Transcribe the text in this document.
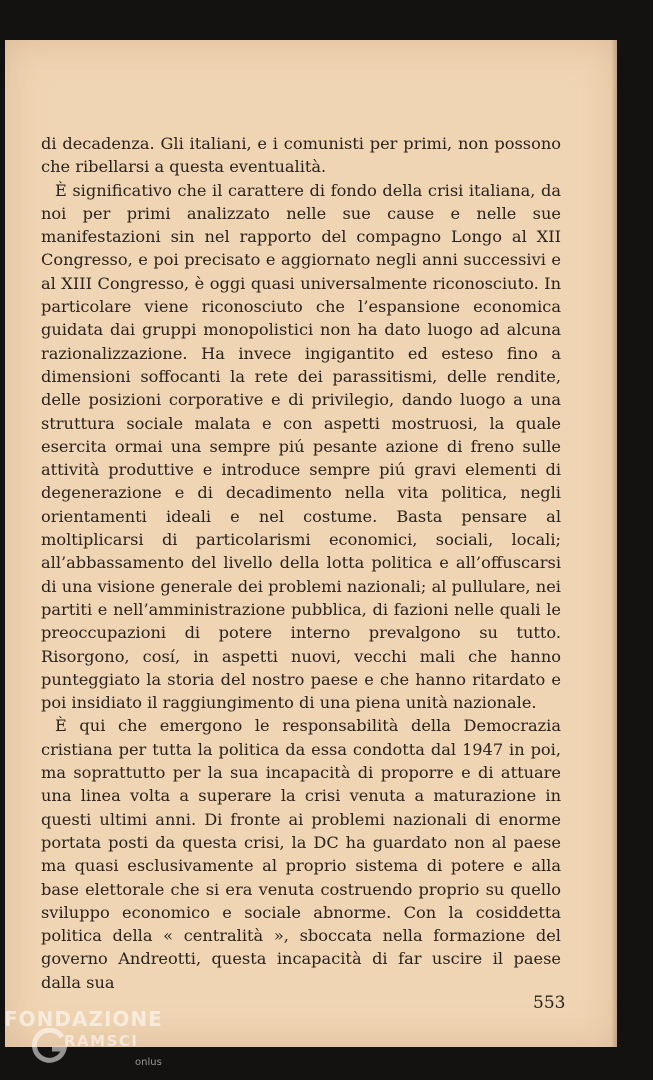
di decadenza. Gli italiani, e i comunisti per primi, non possono che ribellarsi a questa eventualità.

È significativo che il carattere di fondo della crisi italiana, da noi per primi analizzato nelle sue cause e nelle sue manifestazioni sin nel rapporto del compagno Longo al XII Congresso, e poi precisato e aggiornato negli anni successivi e al XIII Congresso, è oggi quasi universalmente riconosciuto. In particolare viene riconosciuto che l’espansione economica guidata dai gruppi monopolistici non ha dato luogo ad alcuna razionalizzazione. Ha invece ingigantito ed esteso fino a dimensioni soffocanti la rete dei parassitismi, delle rendite, delle posizioni corporative e di privilegio, dando luogo a una struttura sociale malata e con aspetti mostruosi, la quale esercita ormai una sempre piú pesante azione di freno sulle attività produttive e introduce sempre piú gravi elementi di degenerazione e di decadimento nella vita politica, negli orientamenti ideali e nel costume. Basta pensare al moltiplicarsi di particolarismi economici, sociali, locali; all’abbassamento del livello della lotta politica e all’offuscarsi di una visione generale dei problemi nazionali; al pullulare, nei partiti e nell’amministrazione pubblica, di fazioni nelle quali le preoccupazioni di potere interno prevalgono su tutto. Risorgono, cosí, in aspetti nuovi, vecchi mali che hanno punteggiato la storia del nostro paese e che hanno ritardato e poi insidiato il raggiungimento di una piena unità nazionale.

È qui che emergono le responsabilità della Democrazia cristiana per tutta la politica da essa condotta dal 1947 in poi, ma soprattutto per la sua incapacità di proporre e di attuare una linea volta a superare la crisi venuta a maturazione in questi ultimi anni. Di fronte ai problemi nazionali di enorme portata posti da questa crisi, la DC ha guardato non al paese ma quasi esclusivamente al proprio sistema di potere e alla base elettorale che si era venuta costruendo proprio su quello sviluppo economico e sociale abnorme. Con la cosiddetta politica della « centralità », sboccata nella formazione del governo Andreotti, questa incapacità di far uscire il paese dalla sua

553
FONDAZIONE
RAMSCI
onlus
